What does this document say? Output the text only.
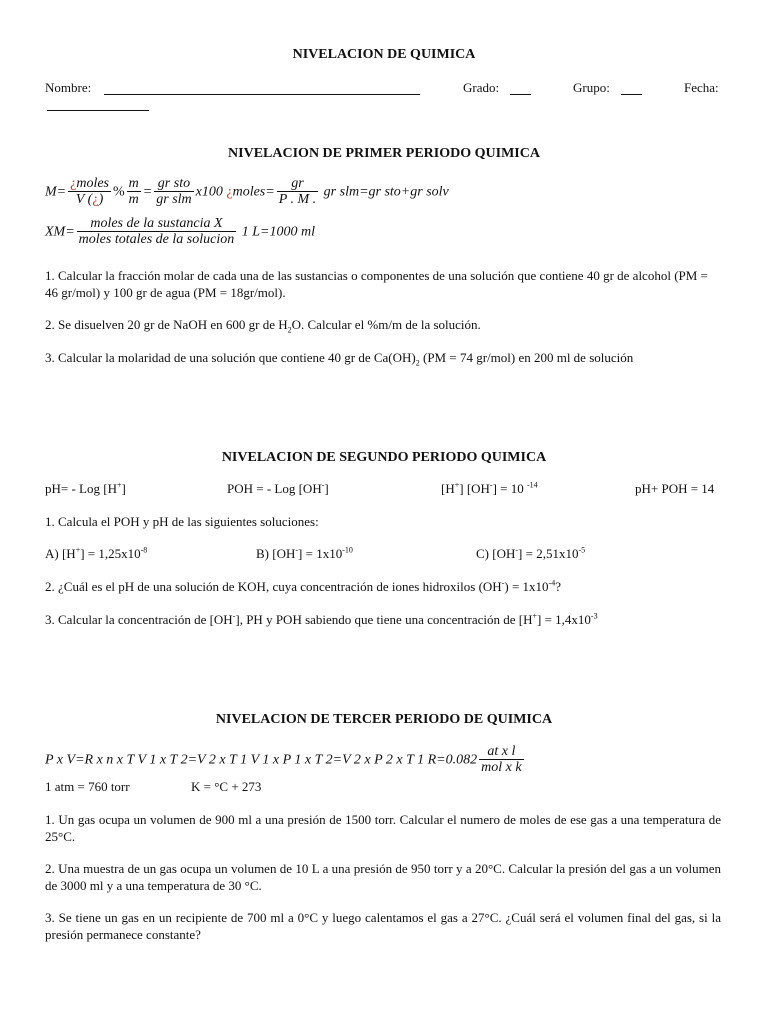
NIVELACION DE QUIMICA
Nombre:	Grado:	Grupo:	Fecha:
NIVELACION DE PRIMER PERIODO QUIMICA
$M= \frac{\text{¿moles}}{V (¿)}$ % $\frac{m}{m} = \frac{\text{gr sto}}{\text{gr slm}} x100$ ¿moles= $\frac{gr}{P . M .}$ gr slm=gr sto+gr solv
$XM= \frac{\text{moles de la sustancia X}}{\text{moles totales de la solucion}} 1$ L=1000 ml
1. Calcular la fracción molar de cada una de las sustancias o componentes de una solución que contiene 40 gr de alcohol (PM = 46 gr/mol) y 100 gr de agua (PM = 18gr/mol).
2. Se disuelven 20 gr de NaOH en 600 gr de $H_2O$. Calcular el %m/m de la solución.
3. Calcular la molaridad de una solución que contiene 40 gr de $Ca(OH)_2$ (PM = 74 gr/mol) en 200 ml de solución
NIVELACION DE SEGUNDO PERIODO QUIMICA
pH= - Log [H+]	POH = - Log [OH-]	[H+] [OH-] = 10 $^{-14}$	pH+ POH = 14
1. Calcula el POH y pH de las siguientes soluciones:
A) $[H^+] = 1,25x10^{-8}$	B) $[OH^-] = 1x10^{-10}$	C) $[OH^-] = 2,51x10^{-5}$
2. ¿Cuál es el pH de una solución de KOH, cuya concentración de iones hidroxilos $(OH^-) = 1x10^{-4}$?
3. Calcular la concentración de [OH-], PH y POH sabiendo que tiene una concentración de $[H^+] = 1,4x10^{-3}$
NIVELACION DE TERCER PERIODO DE QUIMICA
P x V=R x n x T V 1 x T 2=V 2 x T 1 V 1 x P 1 x T 2=V 2 x P 2 x T 1 $R=0.082 \frac{\text{at x l}}{\text{mol x k}}$
1 atm = 760 torr	K = °C + 273
1. Un gas ocupa un volumen de 900 ml a una presión de 1500 torr. Calcular el numero de moles de ese gas a una temperatura de 25°C.
2. Una muestra de un gas ocupa un volumen de 10 L a una presión de 950 torr y a 20°C. Calcular la presión del gas a un volumen de 3000 ml y a una temperatura de 30 °C.
3. Se tiene un gas en un recipiente de 700 ml a 0°C y luego calentamos el gas a 27°C. ¿Cuál será el volumen final del gas, si la presión permanece constante?
